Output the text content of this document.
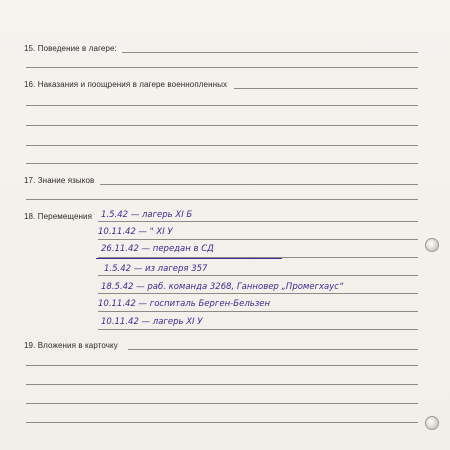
15. Поведение в лагере:
16. Наказания и поощрения в лагере военнопленных
17. Знание языков
18. Перемещения 1.5.42 — лагерь XI Б
10.11.42 — " XI У
26.11.42 — передан в СД
1.5.42 — из лагеря 357
18.5.42 — раб. команда 3268, Ганновер „Промегхаус“
10.11.42 — госпиталь Берген-Бельзен
10.11.42 — лагерь XI У
19. Вложения в карточку
